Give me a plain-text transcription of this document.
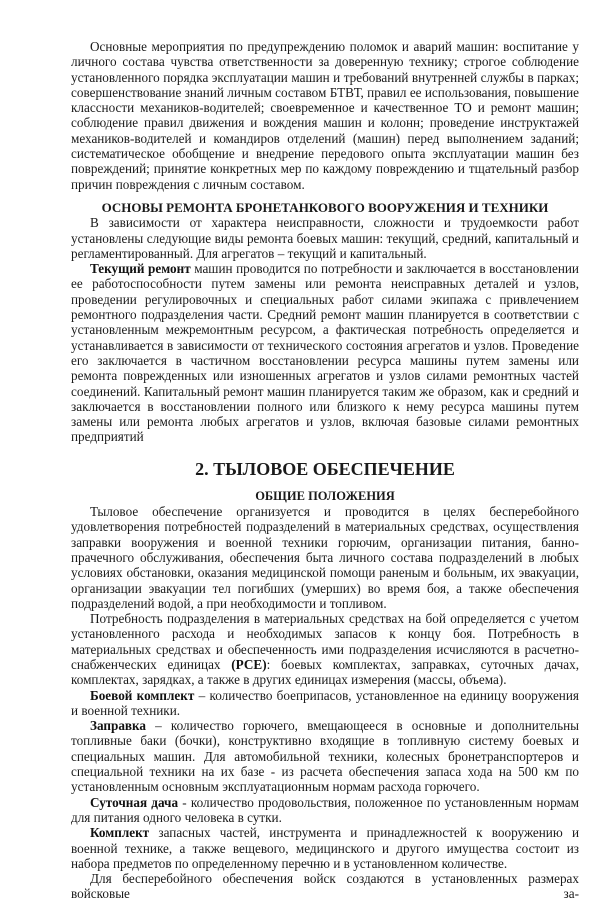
Основные мероприятия по предупреждению поломок и аварий машин: воспитание у личного состава чувства ответственности за доверенную технику; строгое соблюдение установленного порядка эксплуатации машин и требований внутренней службы в парках; совершенствование знаний личным составом БТВТ, правил ее использования, повышение классности механиков-водителей; своевременное и качественное ТО и ремонт машин; соблюдение правил движения и вождения машин и колонн; проведение инструктажей механиков-водителей и командиров отделений (машин) перед выполнением заданий; систематическое обобщение и внедрение передового опыта эксплуатации машин без повреждений; принятие конкретных мер по каждому повреждению и тщательный разбор причин повреждения с личным составом.

ОСНОВЫ РЕМОНТА БРОНЕТАНКОВОГО ВООРУЖЕНИЯ И ТЕХНИКИ

В зависимости от характера неисправности, сложности и трудоемкости работ установлены следующие виды ремонта боевых машин: текущий, средний, капитальный и регламентированный. Для агрегатов – текущий и капитальный.

Текущий ремонт машин проводится по потребности и заключается в восстановлении ее работоспособности путем замены или ремонта неисправных деталей и узлов, проведении регулировочных и специальных работ силами экипажа с привлечением ремонтного подразделения части. Средний ремонт машин планируется в соответствии с установленным межремонтным ресурсом, а фактическая потребность определяется и устанавливается в зависимости от технического состояния агрегатов и узлов. Проведение его заключается в частичном восстановлении ресурса машины путем замены или ремонта поврежденных или изношенных агрегатов и узлов силами ремонтных частей соединений. Капитальный ремонт машин планируется таким же образом, как и средний и заключается в восстановлении полного или близкого к нему ресурса машины путем замены или ремонта любых агрегатов и узлов, включая базовые силами ремонтных предприятий

2. ТЫЛОВОЕ ОБЕСПЕЧЕНИЕ
ОБЩИЕ ПОЛОЖЕНИЯ

Тыловое обеспечение организуется и проводится в целях бесперебойного удовлетворения потребностей подразделений в материальных средствах, осуществления заправки вооружения и военной техники горючим, организации питания, банно-прачечного обслуживания, обеспечения быта личного состава подразделений в любых условиях обстановки, оказания медицинской помощи раненым и больным, их эвакуации, организации эвакуации тел погибших (умерших) во время боя, а также обеспечения подразделений водой, а при необходимости и топливом.

Потребность подразделения в материальных средствах на бой определяется с учетом установленного расхода и необходимых запасов к концу боя. Потребность в материальных средствах и обеспеченность ими подразделения исчисляются в расчетно-снабженческих единицах (РСЕ): боевых комплектах, заправках, суточных дачах, комплектах, зарядках, а также в других единицах измерения (массы, объема).

Боевой комплект – количество боеприпасов, установленное на единицу вооружения и военной техники.

Заправка – количество горючего, вмещающееся в основные и дополнительны топливные баки (бочки), конструктивно входящие в топливную систему боевых и специальных машин. Для автомобильной техники, колесных бронетранспортеров и специальной техники на их базе - из расчета обеспечения запаса хода на 500 км по установленным основным эксплуатационным нормам расхода горючего.

Суточная дача - количество продовольствия, положенное по установленным нормам для питания одного человека в сутки.

Комплект запасных частей, инструмента и принадлежностей к вооружению и военной технике, а также вещевого, медицинского и другого имущества состоит из набора предметов по определенному перечню и в установленном количестве.

Для бесперебойного обеспечения войск создаются в установленных размерах войсковые за-
